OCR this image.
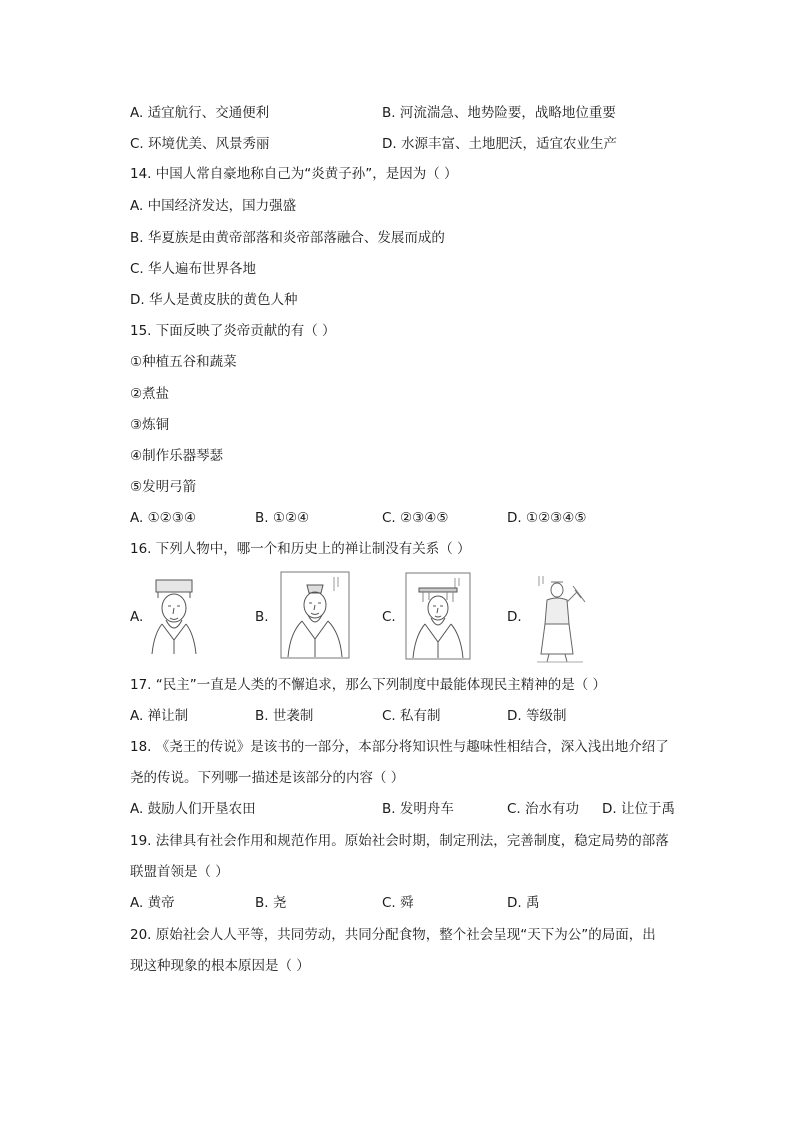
A. 适宜航行、交通便利	B. 河流湍急、地势险要，战略地位重要
C. 环境优美、风景秀丽	D. 水源丰富、土地肥沃，适宜农业生产
14. 中国人常自豪地称自己为“炎黄子孙”，是因为（ ）
A. 中国经济发达，国力强盛
B. 华夏族是由黄帝部落和炎帝部落融合、发展而成的
C. 华人遍布世界各地
D. 华人是黄皮肤的黄色人种
15. 下面反映了炎帝贡献的有（ ）
①种植五谷和蔬菜
②煮盐
③炼铜
④制作乐器琴瑟
⑤发明弓箭
A. ①②③④	B. ①②④	C. ②③④⑤	D. ①②③④⑤
16. 下列人物中，哪一个和历史上的禅让制没有关系（ ）
A.	B.	C.	D.
17. “民主”一直是人类的不懈追求，那么下列制度中最能体现民主精神的是（ ）
A. 禅让制	B. 世袭制	C. 私有制	D. 等级制
18. 《尧王的传说》是该书的一部分，本部分将知识性与趣味性相结合，深入浅出地介绍了
尧的传说。下列哪一描述是该部分的内容（ ）
A. 鼓励人们开垦农田	B. 发明舟车	C. 治水有功 D. 让位于禹
19. 法律具有社会作用和规范作用。原始社会时期，制定刑法，完善制度，稳定局势的部落
联盟首领是（ ）
A. 黄帝	B. 尧	C. 舜	D. 禹
20. 原始社会人人平等，共同劳动，共同分配食物，整个社会呈现“天下为公”的局面，出
现这种现象的根本原因是（ ）
